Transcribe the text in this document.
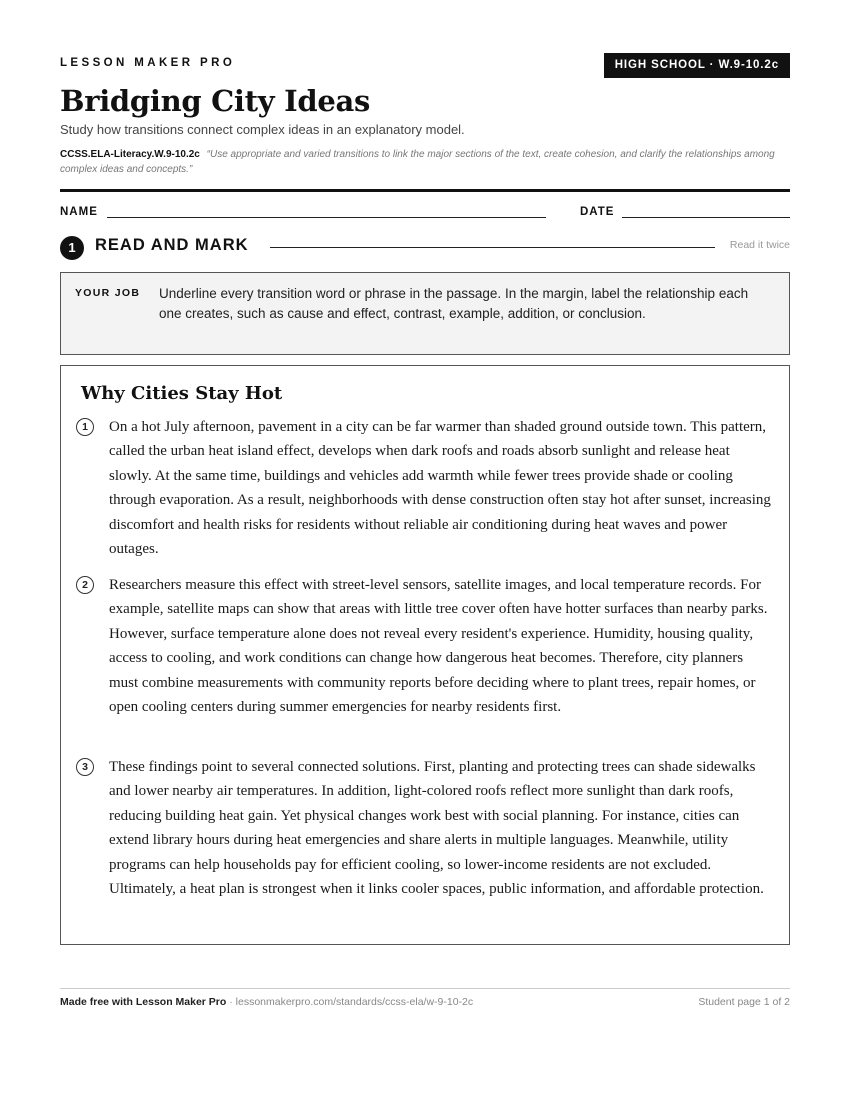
LESSON MAKER PRO	HIGH SCHOOL · W.9-10.2c
Bridging City Ideas

Study how transitions connect complex ideas in an explanatory model.

CCSS.ELA-Literacy.W.9-10.2c “Use appropriate and varied transitions to link the major sections of the text, create cohesion, and clarify the relationships among complex ideas and concepts.”

NAME	DATE
1	READ AND MARK	Read it twice
YOUR JOB Underline every transition word or phrase in the passage. In the margin, label the relationship each one creates, such as cause and effect, contrast, example, addition, or conclusion.

Why Cities Stay Hot
1	On a hot July afternoon, pavement in a city can be far warmer than shaded ground outside town. This pattern, called the urban heat island effect, develops when dark roofs and roads absorb sunlight and release heat slowly. At the same time, buildings and vehicles add warmth while fewer trees provide shade or cooling through evaporation. As a result, neighborhoods with dense construction often stay hot after sunset, increasing discomfort and health risks for residents without reliable air conditioning during heat waves and power outages.

2	Researchers measure this effect with street-level sensors, satellite images, and local temperature records. For example, satellite maps can show that areas with little tree cover often have hotter surfaces than nearby parks. However, surface temperature alone does not reveal every resident's experience. Humidity, housing quality, access to cooling, and work conditions can change how dangerous heat becomes. Therefore, city planners must combine measurements with community reports before deciding where to plant trees, repair homes, or open cooling centers during summer emergencies for nearby residents first.

3	These findings point to several connected solutions. First, planting and protecting trees can shade sidewalks and lower nearby air temperatures. In addition, light-colored roofs reflect more sunlight than dark roofs, reducing building heat gain. Yet physical changes work best with social planning. For instance, cities can extend library hours during heat emergencies and share alerts in multiple languages. Meanwhile, utility programs can help households pay for efficient cooling, so lower-income residents are not excluded. Ultimately, a heat plan is strongest when it links cooler spaces, public information, and affordable protection.

Made free with Lesson Maker Pro · lessonmakerpro.com/standards/ccss-ela/w-9-10-2c	Student page 1 of 2
